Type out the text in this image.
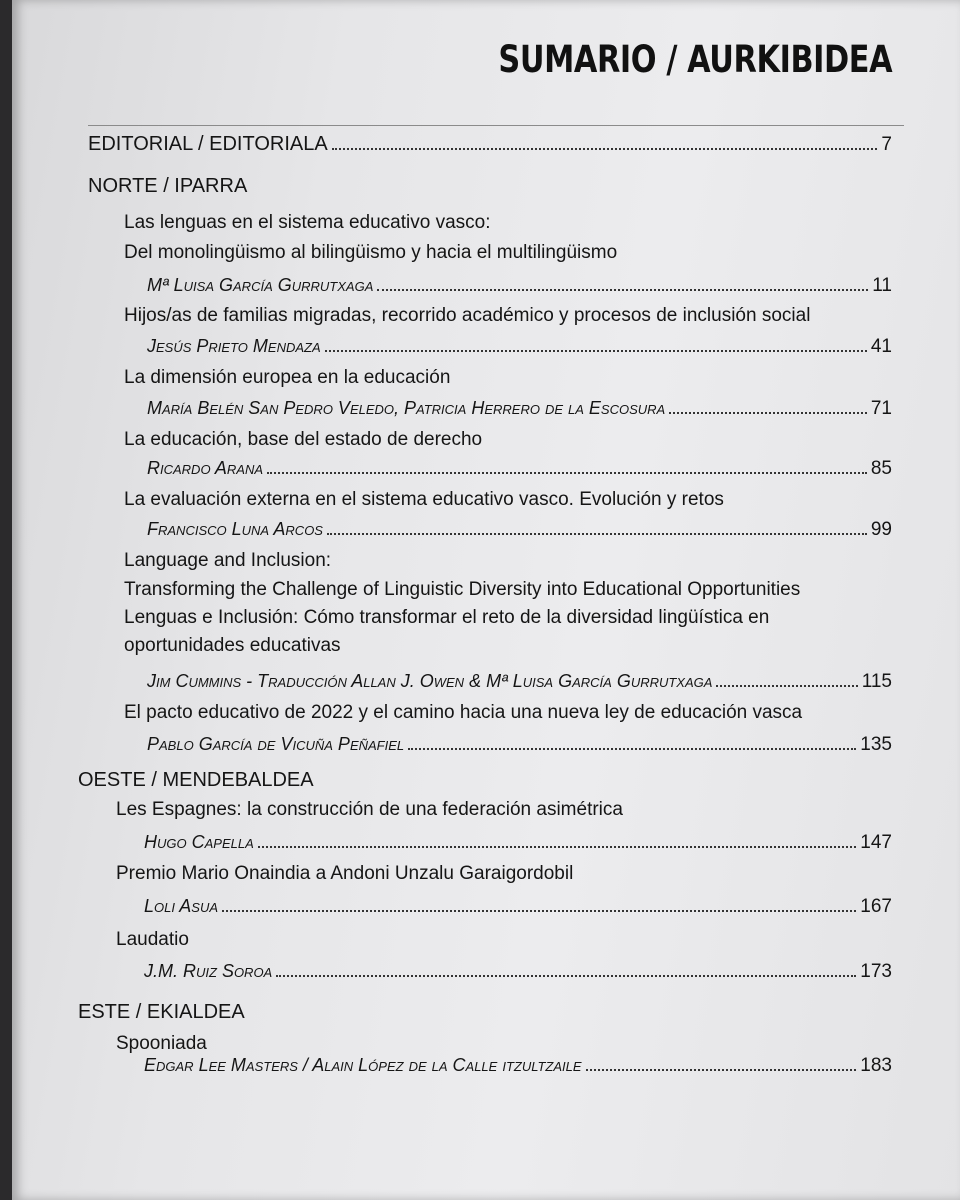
SUMARIO / AURKIBIDEA
EDITORIAL / EDITORIALA	7
NORTE / IPARRA
Las lenguas en el sistema educativo vasco:
Del monolingüismo al bilingüismo y hacia el multilingüismo
Mª Luisa García Gurrutxaga	11
Hijos/as de familias migradas, recorrido académico y procesos de inclusión social
Jesús Prieto Mendaza	41
La dimensión europea en la educación
María Belén San Pedro Veledo, Patricia Herrero de la Escosura	71
La educación, base del estado de derecho
Ricardo Arana	85
La evaluación externa en el sistema educativo vasco. Evolución y retos
Francisco Luna Arcos	99
Language and Inclusion:
Transforming the Challenge of Linguistic Diversity into Educational Opportunities
Lenguas e Inclusión: Cómo transformar el reto de la diversidad lingüística en
oportunidades educativas
Jim Cummins - Traducción Allan J. Owen & Mª Luisa García Gurrutxaga	115
El pacto educativo de 2022 y el camino hacia una nueva ley de educación vasca
Pablo García de Vicuña Peñafiel	135
OESTE / MENDEBALDEA
Les Espagnes: la construcción de una federación asimétrica
Hugo Capella	147
Premio Mario Onaindia a Andoni Unzalu Garaigordobil
Loli Asua	167
Laudatio
J.M. Ruiz Soroa	173
ESTE / EKIALDEA
Spooniada
Edgar Lee Masters / Alain López de la Calle itzultzaile	183
